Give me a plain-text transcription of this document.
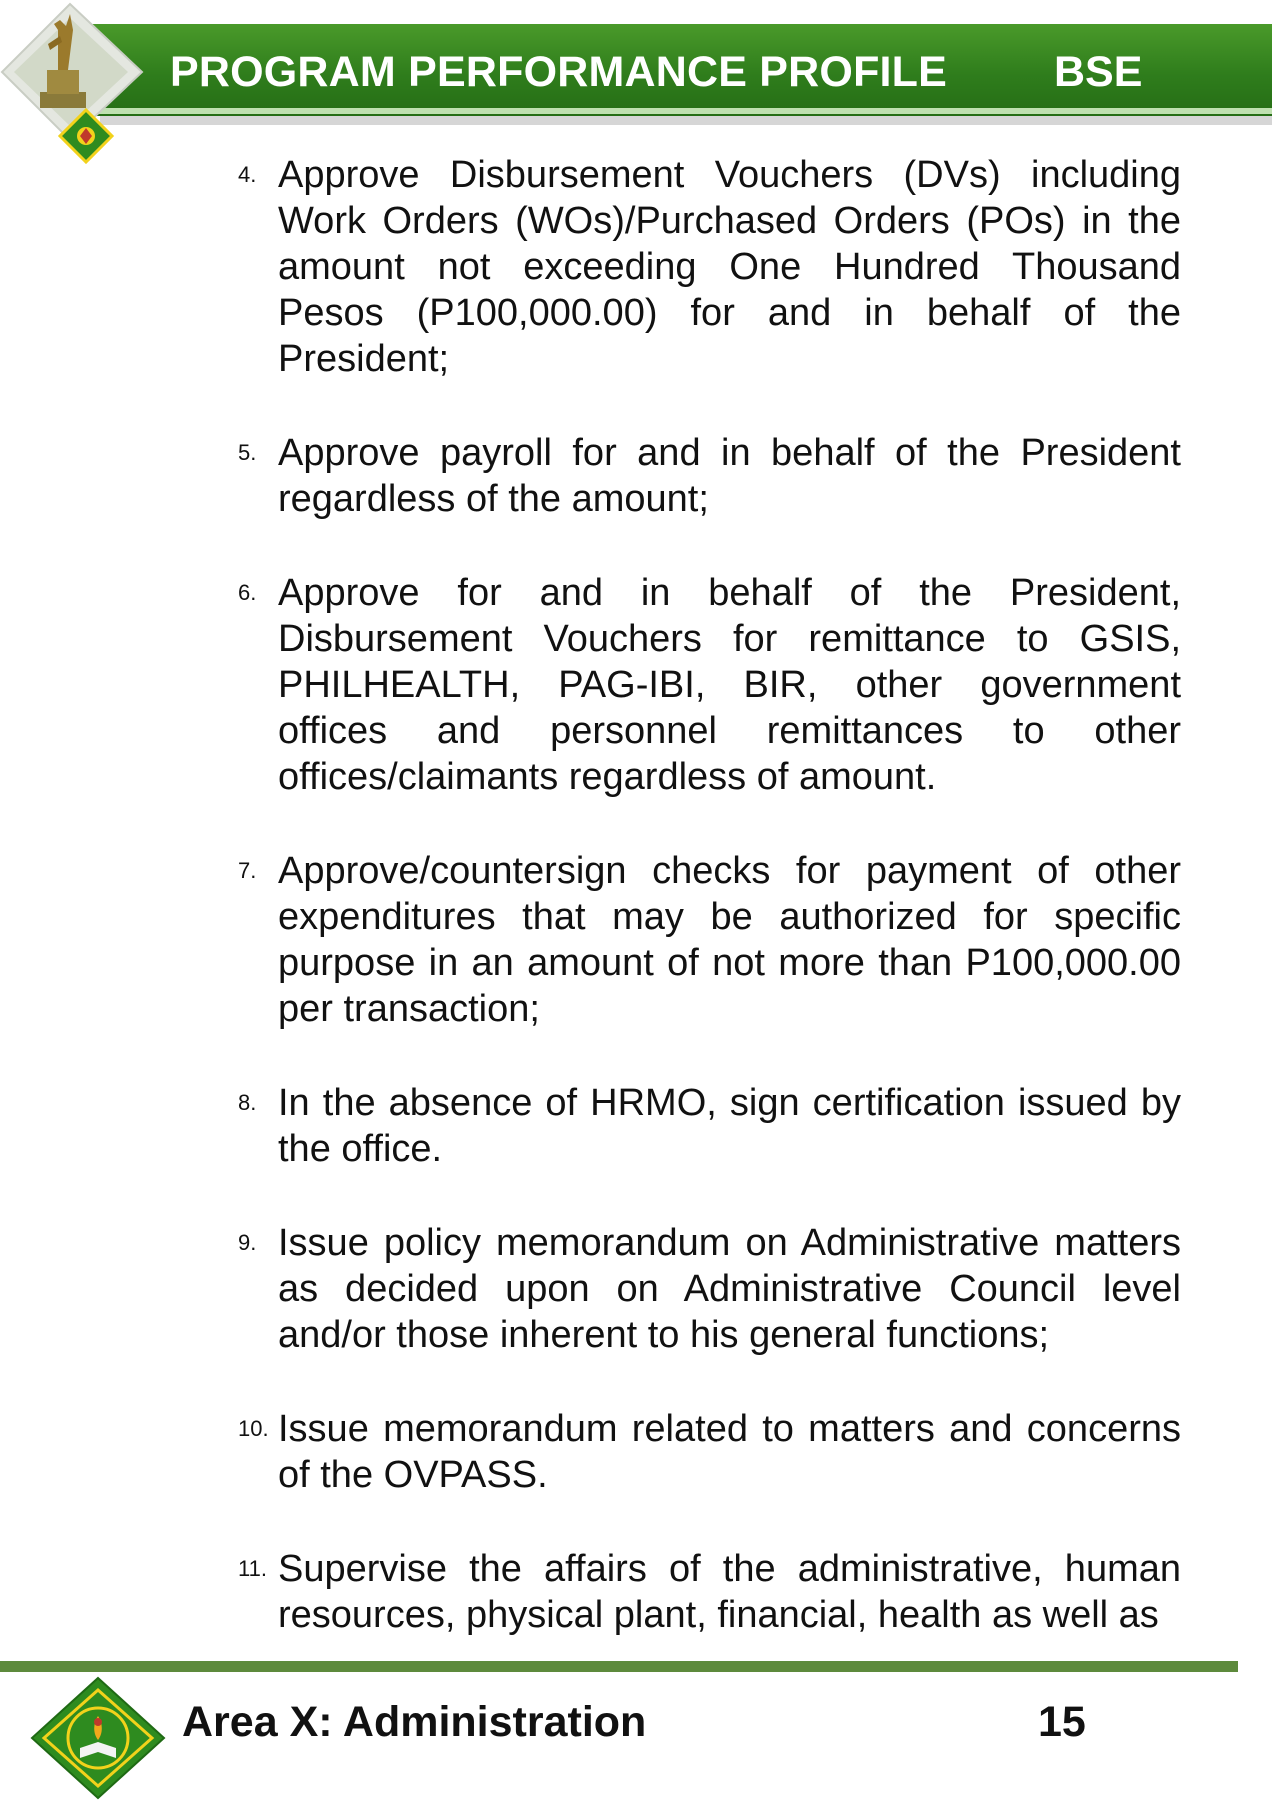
PROGRAM PERFORMANCE PROFILE BSE
4. Approve Disbursement Vouchers (DVs) including Work Orders (WOs)/Purchased Orders (POs) in the amount not exceeding One Hundred Thousand Pesos (P100,000.00) for and in behalf of the President;
5. Approve payroll for and in behalf of the President regardless of the amount;
6. Approve for and in behalf of the President, Disbursement Vouchers for remittance to GSIS, PHILHEALTH, PAG-IBI, BIR, other government offices and personnel remittances to other offices/claimants regardless of amount.
7. Approve/countersign checks for payment of other expenditures that may be authorized for specific purpose in an amount of not more than P100,000.00 per transaction;
8. In the absence of HRMO, sign certification issued by the office.
9. Issue policy memorandum on Administrative matters as decided upon on Administrative Council level and/or those inherent to his general functions;
10. Issue memorandum related to matters and concerns of the OVPASS.
11. Supervise the affairs of the administrative, human resources, physical plant, financial, health as well as
Area X: Administration	15
